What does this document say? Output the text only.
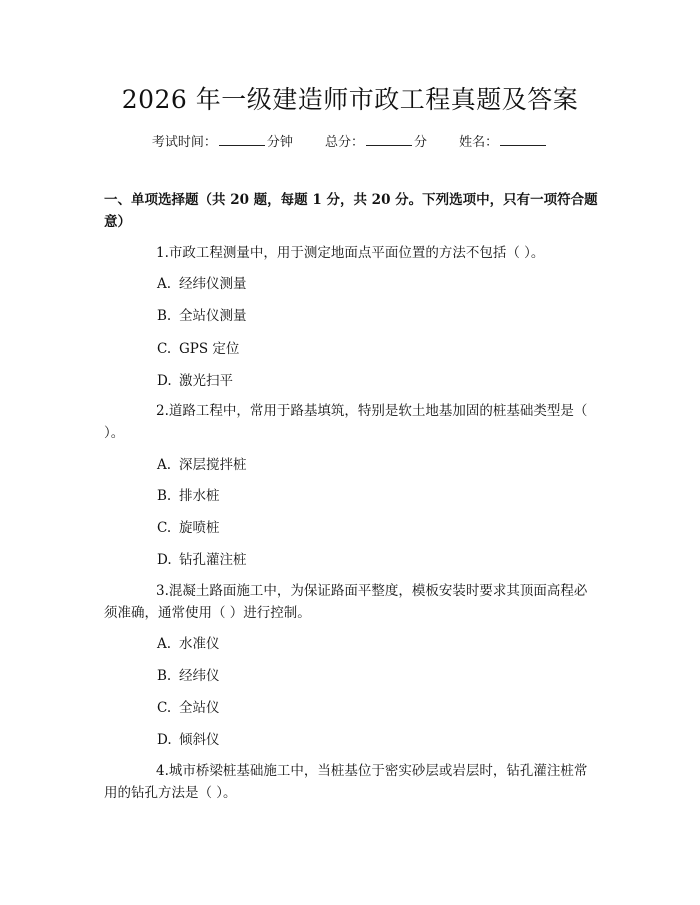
2026 年一级建造师市政工程真题及答案
考试时间：	分钟 总分：	分 姓名：
一、单项选择题（共 20 题，每题 1 分，共 20 分。下列选项中，只有一项符合题意）
1.市政工程测量中，用于测定地面点平面位置的方法不包括（ ）。
A. 经纬仪测量
B. 全站仪测量
C. GPS 定位
D. 激光扫平
2.道路工程中，常用于路基填筑，特别是软土地基加固的桩基础类型是（ ）。
A. 深层搅拌桩
B. 排水桩
C. 旋喷桩
D. 钻孔灌注桩
3.混凝土路面施工中，为保证路面平整度，模板安装时要求其顶面高程必须准确，通常使用（ ）进行控制。
A. 水准仪
B. 经纬仪
C. 全站仪
D. 倾斜仪
4.城市桥梁桩基础施工中，当桩基位于密实砂层或岩层时，钻孔灌注桩常用的钻孔方法是（ ）。
